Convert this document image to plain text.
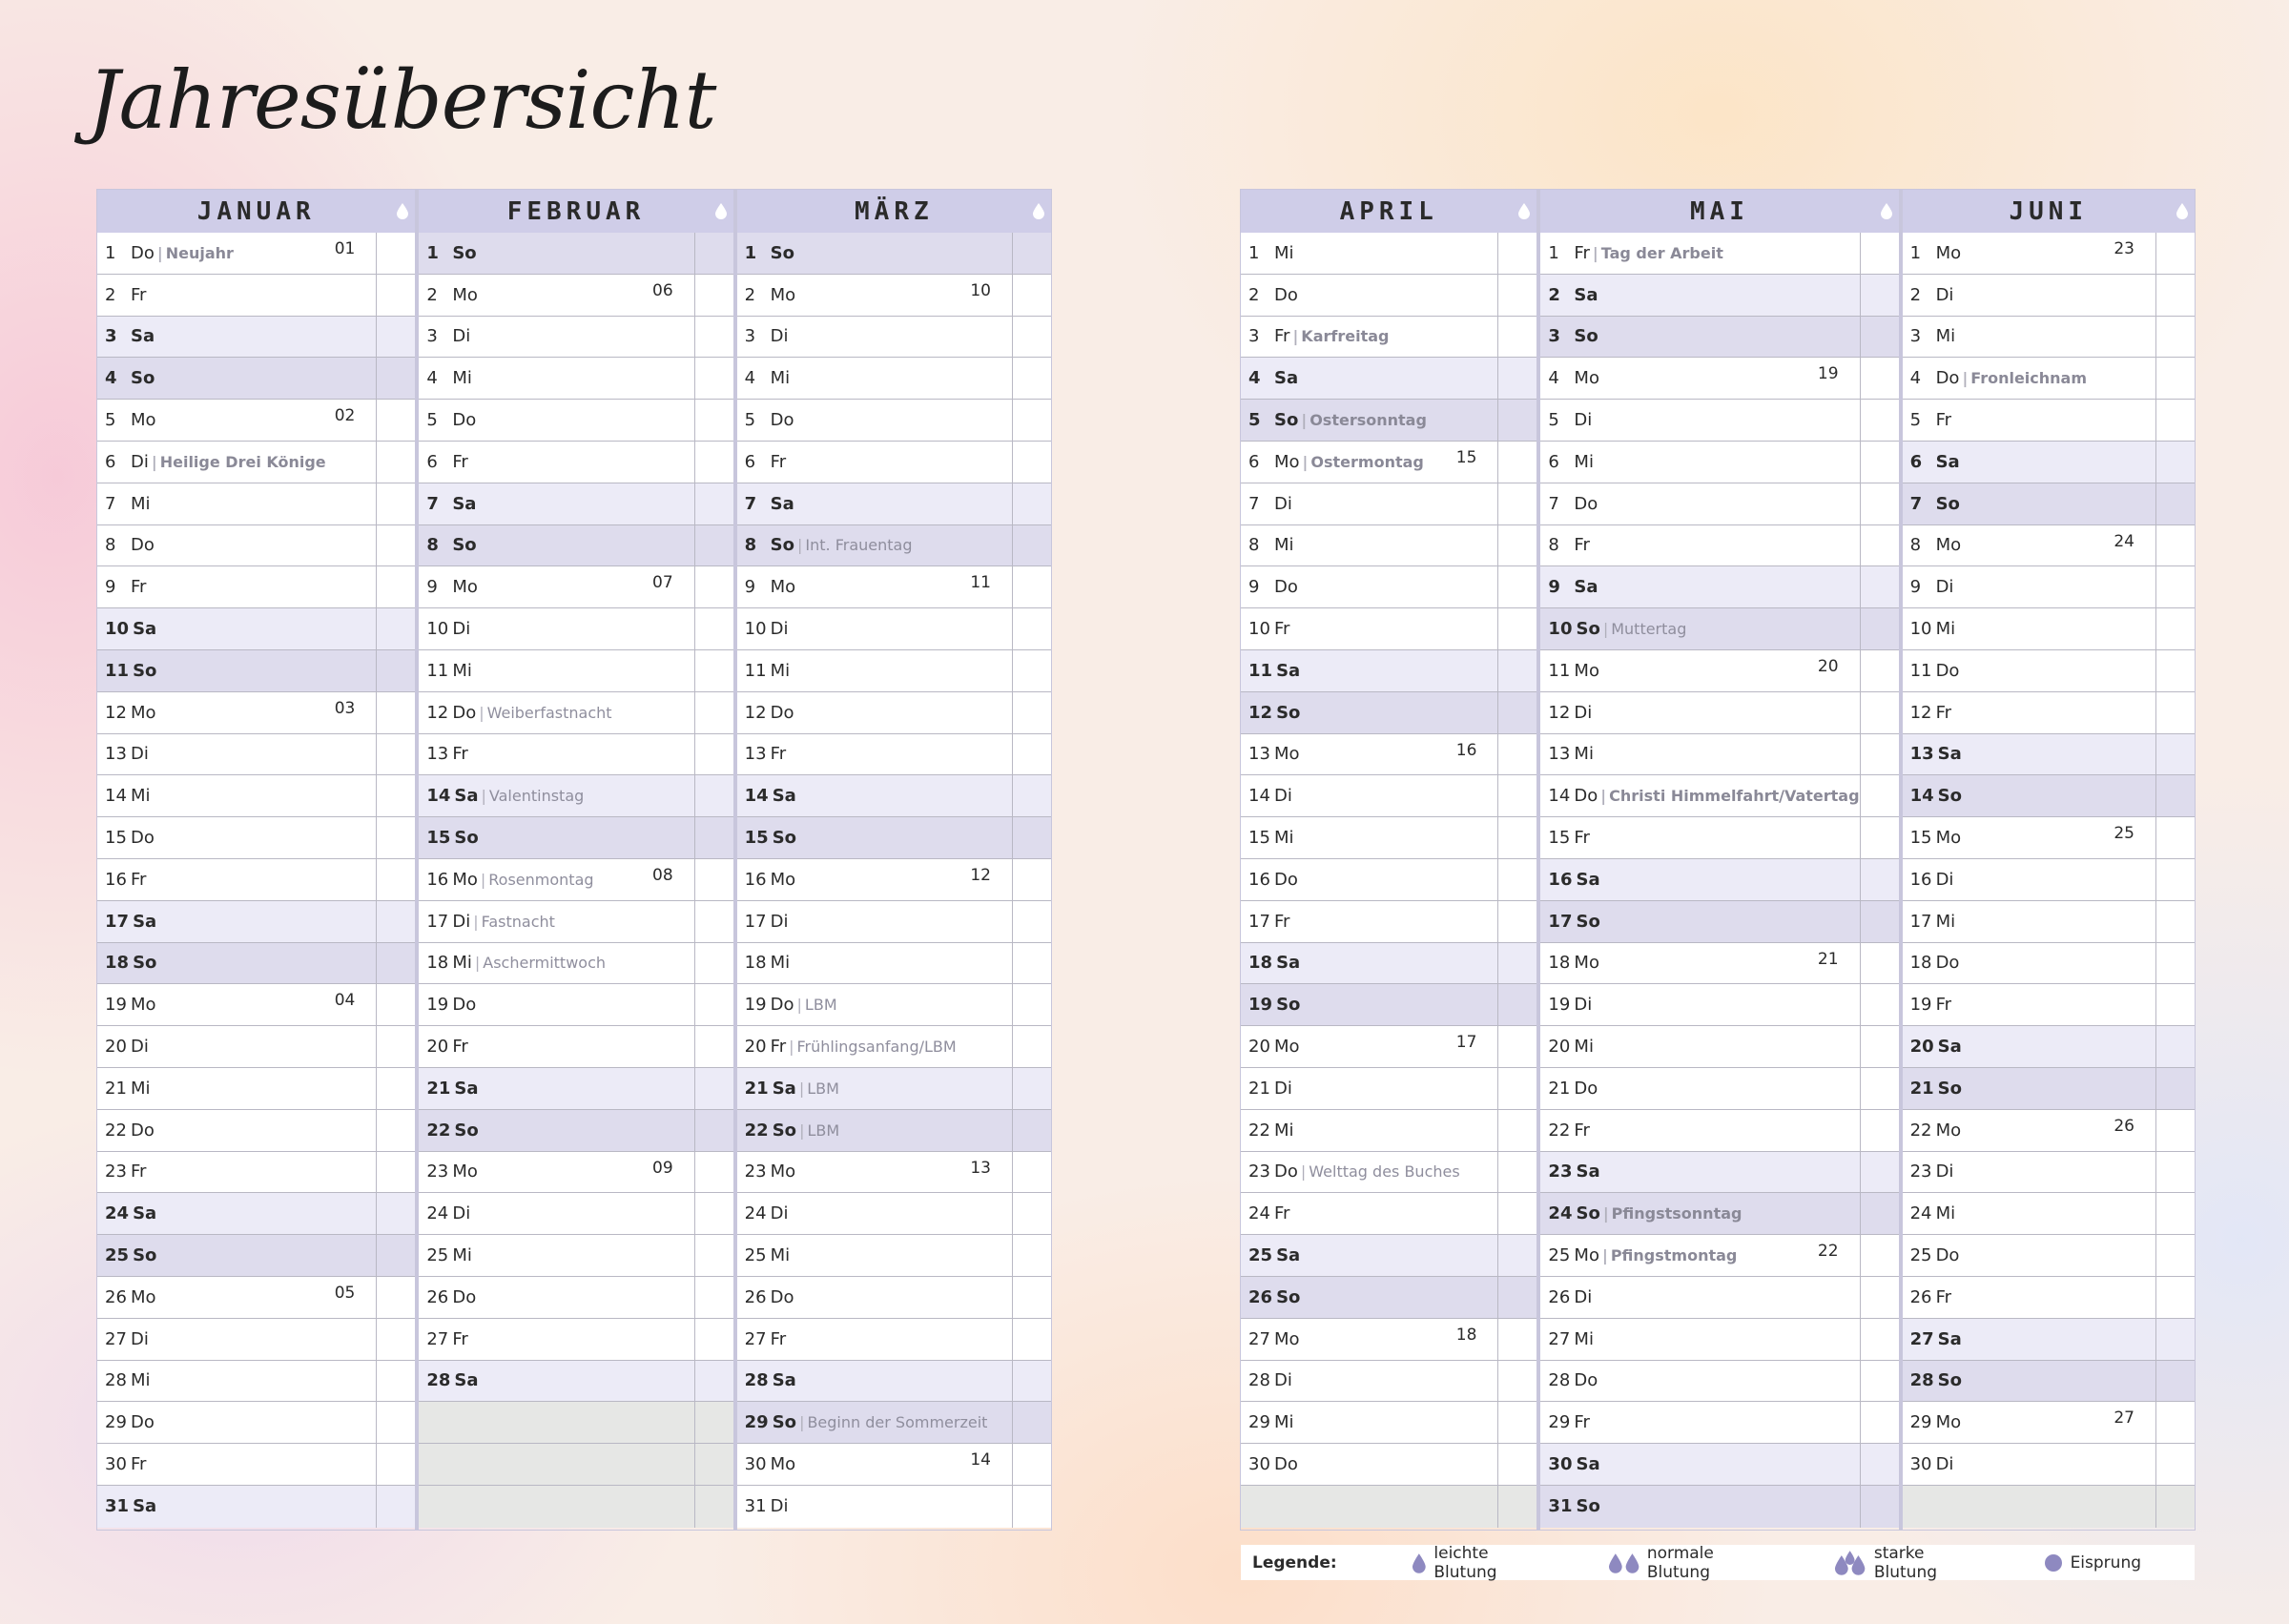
Jahresübersicht
JANUAR
1 Do | Neujahr	01
2 Fr
3 Sa
4 So
5 Mo	02
6 Di | Heilige Drei Könige
7 Mi
8 Do
9 Fr
10 Sa
11 So
12 Mo	03
13 Di
14 Mi
15 Do
16 Fr
17 Sa
18 So
19 Mo	04
20 Di
21 Mi
22 Do
23 Fr
24 Sa
25 So
26 Mo	05
27 Di
28 Mi
29 Do
30 Fr
31 Sa
FEBRUAR
1 So
2 Mo	06
3 Di
4 Mi
5 Do
6 Fr
7 Sa
8 So
9 Mo	07
10 Di
11 Mi
12 Do | Weiberfastnacht
13 Fr
14 Sa | Valentinstag
15 So
16 Mo | Rosenmontag	08
17 Di | Fastnacht
18 Mi | Aschermittwoch
19 Do
20 Fr
21 Sa
22 So
23 Mo	09
24 Di
25 Mi
26 Do
27 Fr
28 Sa
MÄRZ
1 So
2 Mo	10
3 Di
4 Mi
5 Do
6 Fr
7 Sa
8 So | Int. Frauentag
9 Mo	11
10 Di
11 Mi
12 Do
13 Fr
14 Sa
15 So
16 Mo	12
17 Di
18 Mi
19 Do | LBM
20 Fr | Frühlingsanfang/LBM
21 Sa | LBM
22 So | LBM
23 Mo	13
24 Di
25 Mi
26 Do
27 Fr
28 Sa
29 So | Beginn der Sommerzeit
30 Mo	14
31 Di
APRIL
1 Mi
2 Do
3 Fr | Karfreitag
4 Sa
5 So | Ostersonntag
6 Mo | Ostermontag 15
7 Di
8 Mi
9 Do
10 Fr
11 Sa
12 So
13 Mo	16
14 Di
15 Mi
16 Do
17 Fr
18 Sa
19 So
20 Mo	17
21 Di
22 Mi
23 Do | Welttag des Buches
24 Fr
25 Sa
26 So
27 Mo	18
28 Di
29 Mi
30 Do
MAI
1 Fr | Tag der Arbeit
2 Sa
3 So
4 Mo	19
5 Di
6 Mi
7 Do
8 Fr
9 Sa
10 So | Muttertag
11 Mo	20
12 Di
13 Mi
14 Do | Christi Himmelfahrt/Vatertag
15 Fr
16 Sa
17 So
18 Mo	21
19 Di
20 Mi
21 Do
22 Fr
23 Sa
24 So | Pfingstsonntag
25 Mo | Pfingstmontag	22
26 Di
27 Mi
28 Do
29 Fr
30 Sa
31 So
JUNI
1 Mo	23
2 Di
3 Mi
4 Do | Fronleichnam
5 Fr
6 Sa
7 So
8 Mo	24
9 Di
10 Mi
11 Do
12 Fr
13 Sa
14 So
15 Mo	25
16 Di
17 Mi
18 Do
19 Fr
20 Sa
21 So
22 Mo	26
23 Di
24 Mi
25 Do
26 Fr
27 Sa
28 So
29 Mo	27
30 Di
Legende:	leichte Blutung
normale Blutung
starke Blutung	Eisprung
